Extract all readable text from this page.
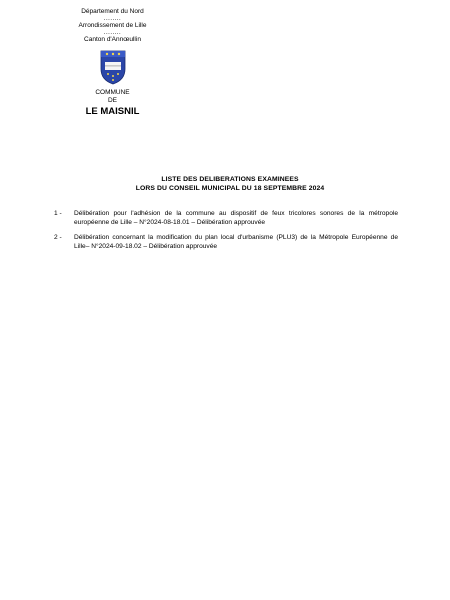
Département du Nord
........
Arrondissement de Lille
........
Canton d'Annœullin
COMMUNE
DE
LE MAISNIL
LISTE DES DELIBERATIONS EXAMINEES
LORS DU CONSEIL MUNICIPAL DU 18 SEPTEMBRE 2024
1 -	Délibération pour l'adhésion de la commune au dispositif de feux tricolores sonores de la métropole européenne de Lille – N°2024-08-18.01 – Délibération approuvée
2 -	Délibération concernant la modification du plan local d'urbanisme (PLU3) de la Métropole Européenne de Lille– N°2024-09-18.02 – Délibération approuvée
